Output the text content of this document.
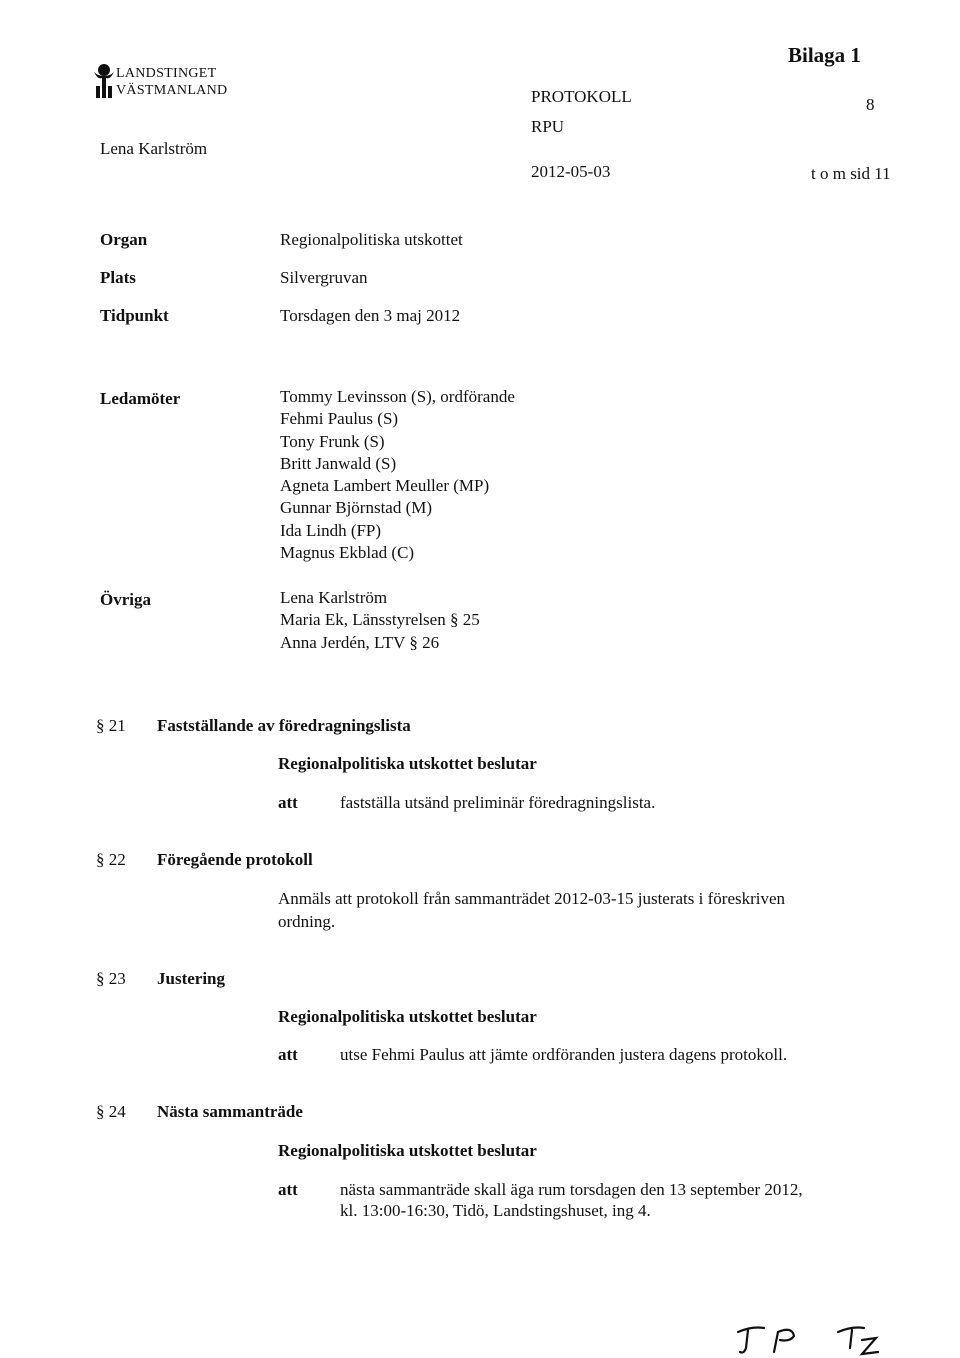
LANDSTINGET
VÄSTMANLAND
Lena Karlström
PROTOKOLL
RPU
2012-05-03
Bilaga 1
8
t o m sid 11
Organ	Regionalpolitiska utskottet
Plats	Silvergruvan
Tidpunkt	Torsdagen den 3 maj 2012
Ledamöter	Tommy Levinsson (S), ordförande
Fehmi Paulus (S)
Tony Frunk (S)
Britt Janwald (S)
Agneta Lambert Meuller (MP)
Gunnar Björnstad (M)
Ida Lindh (FP)
Magnus Ekblad (C)
Övriga	Lena Karlström
Maria Ek, Länsstyrelsen § 25
Anna Jerdén, LTV § 26
§ 21 Fastställande av föredragningslista
Regionalpolitiska utskottet beslutar
att fastställa utsänd preliminär föredragningslista.
§ 22 Föregående protokoll
Anmäls att protokoll från sammanträdet 2012-03-15 justerats i föreskriven
ordning.
§ 23 Justering
Regionalpolitiska utskottet beslutar
att utse Fehmi Paulus att jämte ordföranden justera dagens protokoll.
§ 24 Nästa sammanträde
Regionalpolitiska utskottet beslutar
att nästa sammanträde skall äga rum torsdagen den 13 september 2012,
kl. 13:00-16:30, Tidö, Landstingshuset, ing 4.
